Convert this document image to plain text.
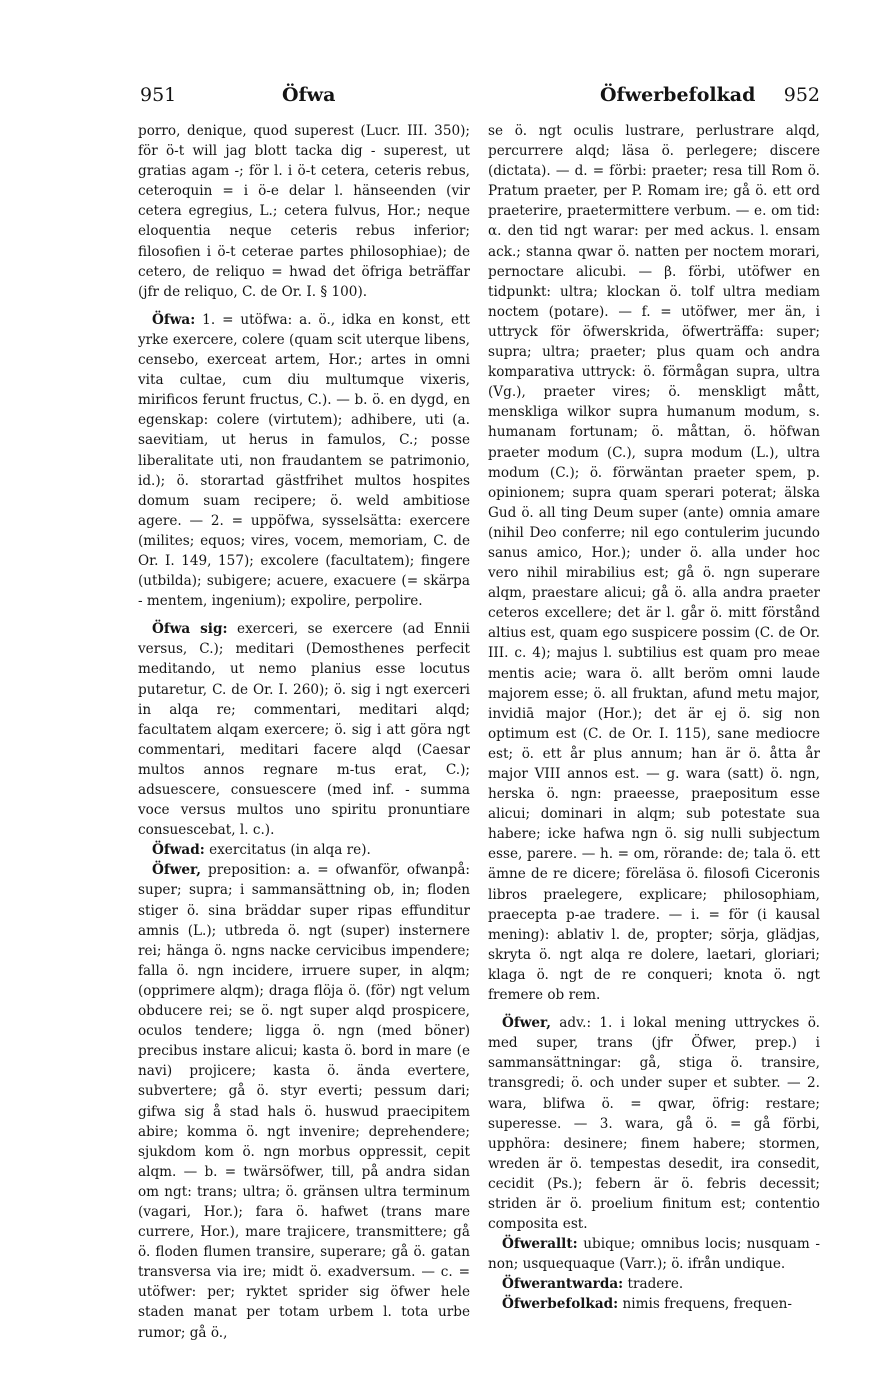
951	Öfwa	Öfwerbefolkad 952

porro, denique, quod superest (Lucr. III. 350); för ö-t will jag blott tacka dig - superest, ut gratias agam -; för l. i ö-t cetera, ceteris rebus, ceteroquin = i ö-e delar l. hänseenden (vir cetera egregius, L.; cetera fulvus, Hor.; neque eloquentia neque ceteris rebus inferior; filosofien i ö-t ceterae partes philosophiae); de cetero, de reliquo = hwad det öfriga beträffar (jfr de reliquo, C. de Or. I. § 100).

Öfwa: 1. = utöfwa: a. ö., idka en konst, ett yrke exercere, colere (quam scit uterque libens, censebo, exerceat artem, Hor.; artes in omni vita cultae, cum diu multumque vixeris, mirificos ferunt fructus, C.). — b. ö. en dygd, en egenskap: colere (virtutem); adhibere, uti (a. saevitiam, ut herus in famulos, C.; posse liberalitate uti, non fraudantem se patrimonio, id.); ö. storartad gästfrihet multos hospites domum suam recipere; ö. weld ambitiose agere. — 2. = uppöfwa, sysselsätta: exercere (milites; equos; vires, vocem, memoriam, C. de Or. I. 149, 157); excolere (facultatem); fingere (utbilda); subigere; acuere, exacuere (= skärpa - mentem, ingenium); expolire, perpolire.

Öfwa sig: exerceri, se exercere (ad Ennii versus, C.); meditari (Demosthenes perfecit meditando, ut nemo planius esse locutus putaretur, C. de Or. I. 260); ö. sig i ngt exerceri in alqa re; commentari, meditari alqd; facultatem alqam exercere; ö. sig i att göra ngt commentari, meditari facere alqd (Caesar multos annos regnare m-tus erat, C.); adsuescere, consuescere (med inf. - summa voce versus multos uno spiritu pronuntiare consuescebat, l. c.).

Öfwad: exercitatus (in alqa re).

Öfwer, preposition: a. = ofwanför, ofwanpå: super; supra; i sammansättning ob, in; floden stiger ö. sina bräddar super ripas effunditur amnis (L.); utbreda ö. ngt (super) insternere rei; hänga ö. ngns nacke cervicibus impendere; falla ö. ngn incidere, irruere super, in alqm; (opprimere alqm); draga flöja ö. (för) ngt velum obducere rei; se ö. ngt super alqd prospicere, oculos tendere; ligga ö. ngn (med böner) precibus instare alicui; kasta ö. bord in mare (e navi) projicere; kasta ö. ända evertere, subvertere; gå ö. styr everti; pessum dari; gifwa sig å stad hals ö. huswud praecipitem abire; komma ö. ngt invenire; deprehendere; sjukdom kom ö. ngn morbus oppressit, cepit alqm. — b. = twärsöfwer, till, på andra sidan om ngt: trans; ultra; ö. gränsen ultra terminum (vagari, Hor.); fara ö. hafwet (trans mare currere, Hor.), mare trajicere, transmittere; gå ö. floden flumen transire, superare; gå ö. gatan transversa via ire; midt ö. exadversum. — c. = utöfwer: per; ryktet sprider sig öfwer hele staden manat per totam urbem l. tota urbe rumor; gå ö.,

se ö. ngt oculis lustrare, perlustrare alqd, percurrere alqd; läsa ö. perlegere; discere (dictata). — d. = förbi: praeter; resa till Rom ö. Pratum praeter, per P. Romam ire; gå ö. ett ord praeterire, praetermittere verbum. — e. om tid: α. den tid ngt warar: per med ackus. l. ensam ack.; stanna qwar ö. natten per noctem morari, pernoctare alicubi. — β. förbi, utöfwer en tidpunkt: ultra; klockan ö. tolf ultra mediam noctem (potare). — f. = utöfwer, mer än, i uttryck för öfwerskrida, öfwerträffa: super; supra; ultra; praeter; plus quam och andra komparativa uttryck: ö. förmågan supra, ultra (Vg.), praeter vires; ö. menskligt mått, menskliga wilkor supra humanum modum, s. humanam fortunam; ö. måttan, ö. höfwan praeter modum (C.), supra modum (L.), ultra modum (C.); ö. förwäntan praeter spem, p. opinionem; supra quam sperari poterat; älska Gud ö. all ting Deum super (ante) omnia amare (nihil Deo conferre; nil ego contulerim jucundo sanus amico, Hor.); under ö. alla under hoc vero nihil mirabilius est; gå ö. ngn superare alqm, praestare alicui; gå ö. alla andra praeter ceteros excellere; det är l. går ö. mitt förstånd altius est, quam ego suspicere possim (C. de Or. III. c. 4); majus l. subtilius est quam pro meae mentis acie; wara ö. allt beröm omni laude majorem esse; ö. all fruktan, afund metu major, invidiā major (Hor.); det är ej ö. sig non optimum est (C. de Or. I. 115), sane mediocre est; ö. ett år plus annum; han är ö. åtta år major VIII annos est. — g. wara (satt) ö. ngn, herska ö. ngn: praeesse, praepositum esse alicui; dominari in alqm; sub potestate sua habere; icke hafwa ngn ö. sig nulli subjectum esse, parere. — h. = om, rörande: de; tala ö. ett ämne de re dicere; föreläsa ö. filosofi Ciceronis libros praelegere, explicare; philosophiam, praecepta p-ae tradere. — i. = för (i kausal mening): ablativ l. de, propter; sörja, glädjas, skryta ö. ngt alqa re dolere, laetari, gloriari; klaga ö. ngt de re conqueri; knota ö. ngt fremere ob rem.

Öfwer, adv.: 1. i lokal mening uttryckes ö. med super, trans (jfr Öfwer, prep.) i sammansättningar: gå, stiga ö. transire, transgredi; ö. och under super et subter. — 2. wara, blifwa ö. = qwar, öfrig: restare; superesse. — 3. wara, gå ö. = gå förbi, upphöra: desinere; finem habere; stormen, wreden är ö. tempestas desedit, ira consedit, cecidit (Ps.); febern är ö. febris decessit; striden är ö. proelium finitum est; contentio composita est.

Öfwerallt: ubique; omnibus locis; nusquam - non; usquequaque (Varr.); ö. ifrån undique.

Öfwerantwarda: tradere.

Öfwerbefolkad: nimis frequens, frequen-
